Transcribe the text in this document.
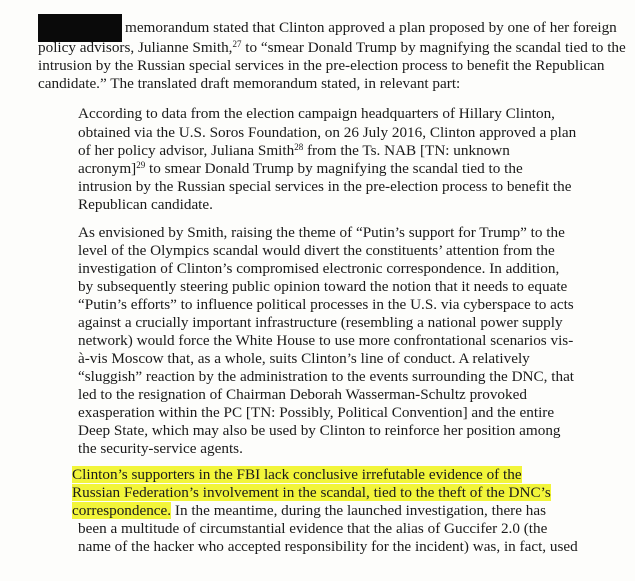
memorandum stated that Clinton approved a plan proposed by one of her foreign
policy advisors, Julianne Smith,$^{27}$ to “smear Donald Trump by magnifying the scandal tied to the
intrusion by the Russian special services in the pre-election process to benefit the Republican
candidate.” The translated draft memorandum stated, in relevant part:
According to data from the election campaign headquarters of Hillary Clinton,
obtained via the U.S. Soros Foundation, on 26 July 2016, Clinton approved a plan
of her policy advisor, Juliana Smith$^{28}$ from the Ts. NAB [TN: unknown
acronym]$^{29}$ to smear Donald Trump by magnifying the scandal tied to the
intrusion by the Russian special services in the pre-election process to benefit the
Republican candidate.
As envisioned by Smith, raising the theme of “Putin’s support for Trump” to the
level of the Olympics scandal would divert the constituents’ attention from the
investigation of Clinton’s compromised electronic correspondence. In addition,
by subsequently steering public opinion toward the notion that it needs to equate
“Putin’s efforts” to influence political processes in the U.S. via cyberspace to acts
against a crucially important infrastructure (resembling a national power supply
network) would force the White House to use more confrontational scenarios vis-
à-vis Moscow that, as a whole, suits Clinton’s line of conduct. A relatively
“sluggish” reaction by the administration to the events surrounding the DNC, that
led to the resignation of Chairman Deborah Wasserman-Schultz provoked
exasperation within the PC [TN: Possibly, Political Convention] and the entire
Deep State, which may also be used by Clinton to reinforce her position among
the security-service agents.
Clinton’s supporters in the FBI lack conclusive irrefutable evidence of the
Russian Federation’s involvement in the scandal, tied to the theft of the DNC’s
correspondence. In the meantime, during the launched investigation, there has
been a multitude of circumstantial evidence that the alias of Guccifer 2.0 (the
name of the hacker who accepted responsibility for the incident) was, in fact, used
